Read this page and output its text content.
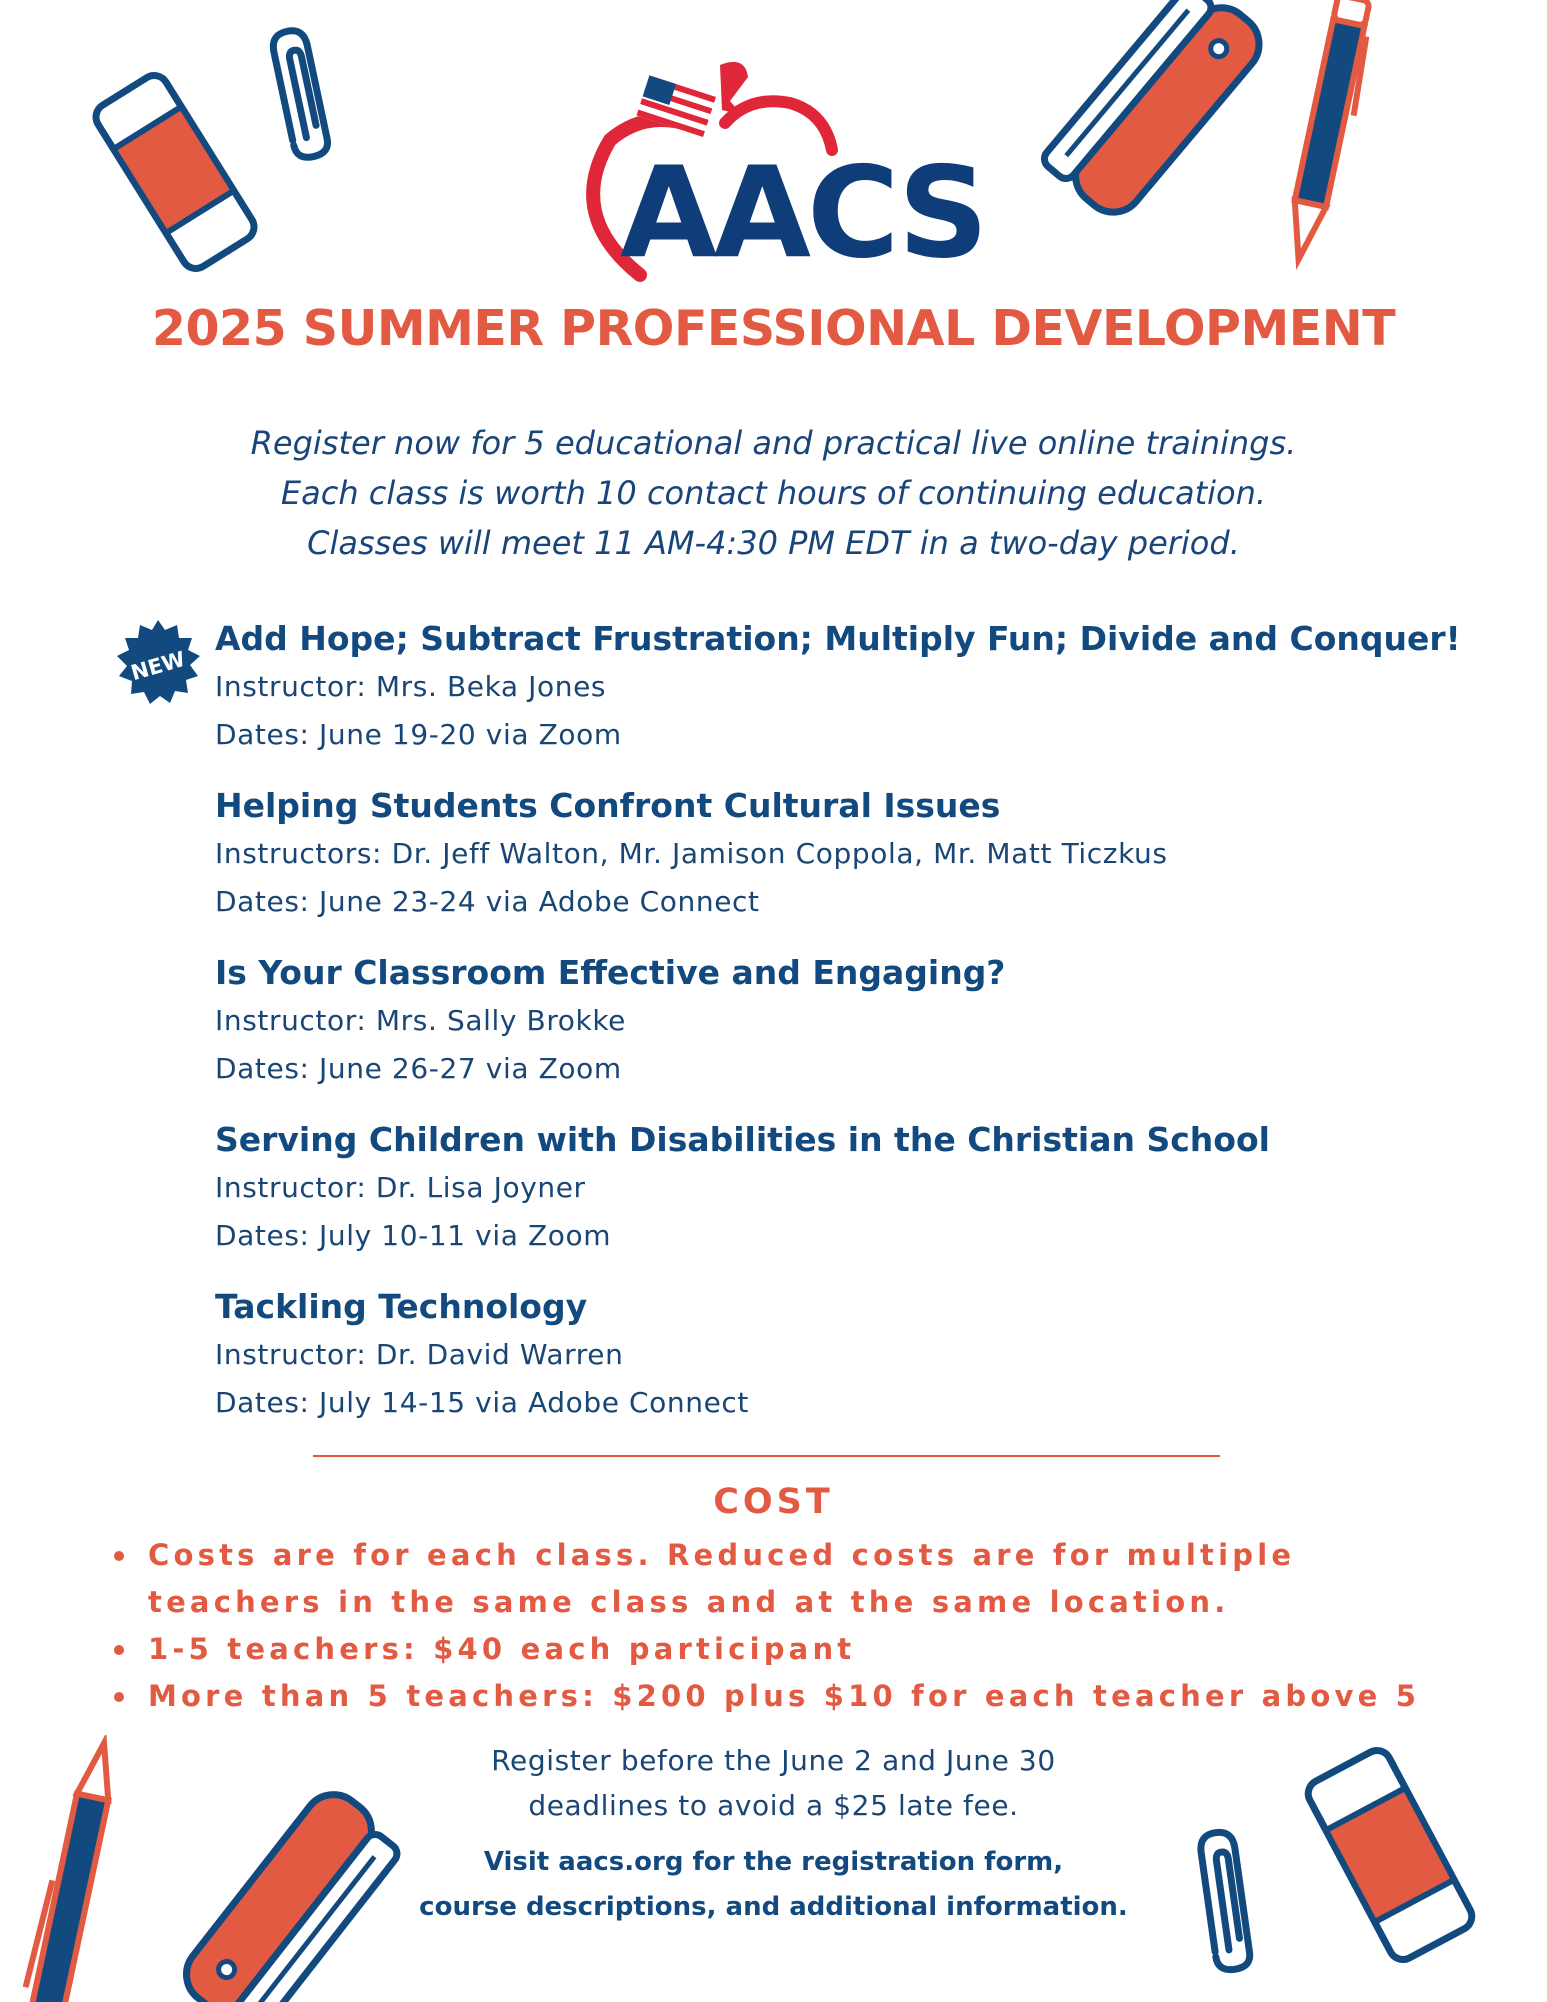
AACS
2025 SUMMER PROFESSIONAL DEVELOPMENT
Register now for 5 educational and practical live online trainings.
Each class is worth 10 contact hours of continuing education.
Classes will meet 11 AM-4:30 PM EDT in a two-day period.
NEW
Add Hope; Subtract Frustration; Multiply Fun; Divide and Conquer!
Instructor: Mrs. Beka Jones
Dates: June 19-20 via Zoom
Helping Students Confront Cultural Issues
Instructors: Dr. Jeff Walton, Mr. Jamison Coppola, Mr. Matt Ticzkus
Dates: June 23-24 via Adobe Connect
Is Your Classroom Effective and Engaging?
Instructor: Mrs. Sally Brokke
Dates: June 26-27 via Zoom
Serving Children with Disabilities in the Christian School
Instructor: Dr. Lisa Joyner
Dates: July 10-11 via Zoom
Tackling Technology
Instructor: Dr. David Warren
Dates: July 14-15 via Adobe Connect
COST
Costs are for each class. Reduced costs are for multiple
teachers in the same class and at the same location.
1-5 teachers: $40 each participant
More than 5 teachers: $200 plus $10 for each teacher above 5
Register before the June 2 and June 30
deadlines to avoid a $25 late fee.
Visit aacs.org for the registration form,
course descriptions, and additional information.
